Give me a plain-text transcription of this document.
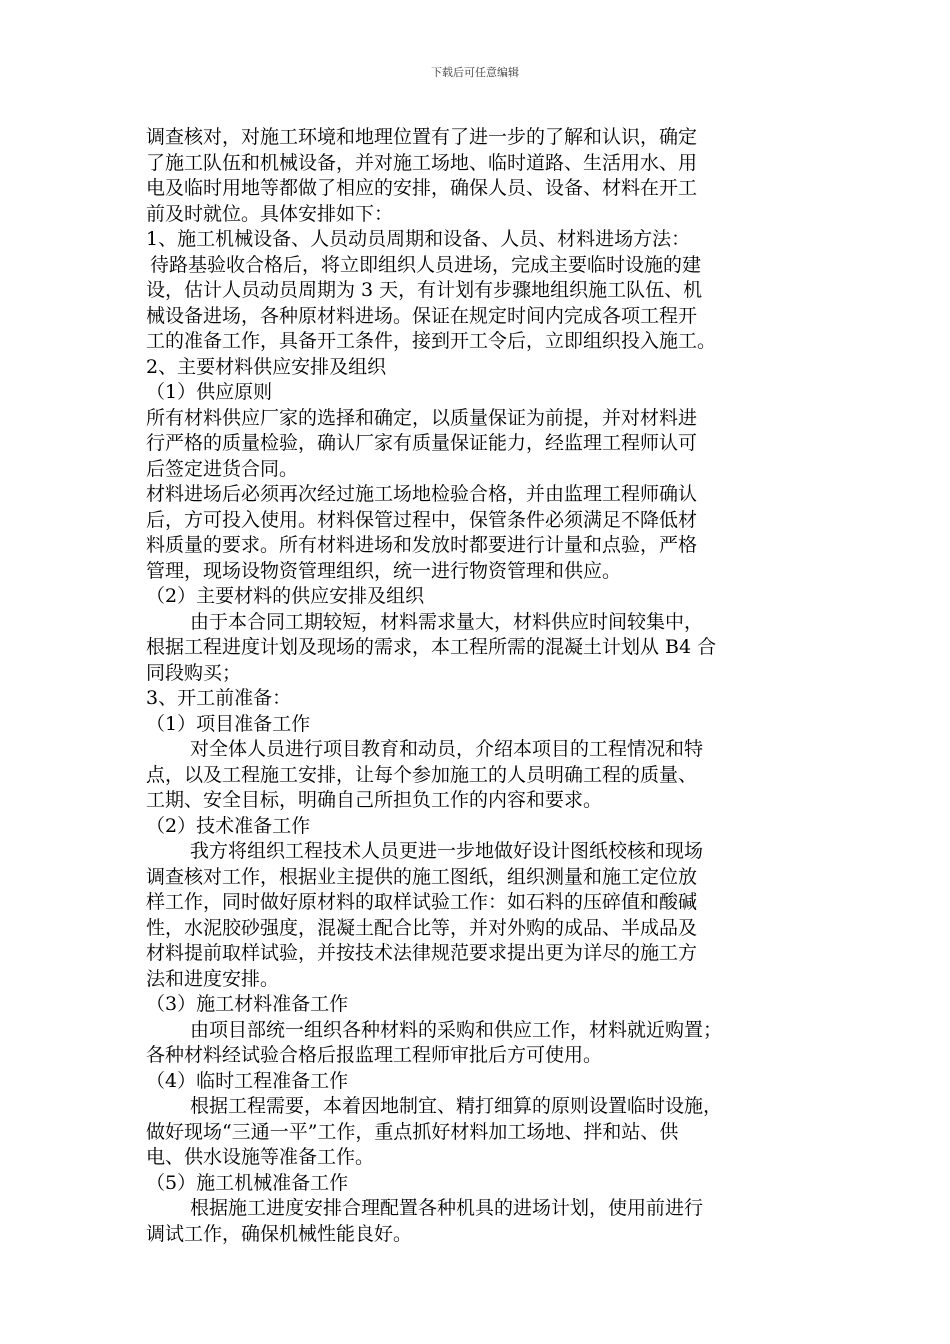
下载后可任意编辑
调查核对，对施工环境和地理位置有了进一步的了解和认识，确定
了施工队伍和机械设备，并对施工场地、临时道路、生活用水、用
电及临时用地等都做了相应的安排，确保人员、设备、材料在开工
前及时就位。具体安排如下：
1、施工机械设备、人员动员周期和设备、人员、材料进场方法：
待路基验收合格后，将立即组织人员进场，完成主要临时设施的建
设，估计人员动员周期为 3 天，有计划有步骤地组织施工队伍、机
械设备进场，各种原材料进场。保证在规定时间内完成各项工程开
工的准备工作，具备开工条件，接到开工令后，立即组织投入施工。
2、主要材料供应安排及组织
（1）供应原则
所有材料供应厂家的选择和确定，以质量保证为前提，并对材料进
行严格的质量检验，确认厂家有质量保证能力，经监理工程师认可
后签定进货合同。
材料进场后必须再次经过施工场地检验合格，并由监理工程师确认
后，方可投入使用。材料保管过程中，保管条件必须满足不降低材
料质量的要求。所有材料进场和发放时都要进行计量和点验，严格
管理，现场设物资管理组织，统一进行物资管理和供应。
（2）主要材料的供应安排及组织
由于本合同工期较短，材料需求量大，材料供应时间较集中，
根据工程进度计划及现场的需求，本工程所需的混凝土计划从 B4 合
同段购买；
3、开工前准备：
（1）项目准备工作
对全体人员进行项目教育和动员，介绍本项目的工程情况和特
点，以及工程施工安排，让每个参加施工的人员明确工程的质量、
工期、安全目标，明确自己所担负工作的内容和要求。
（2）技术准备工作
我方将组织工程技术人员更进一步地做好设计图纸校核和现场
调查核对工作，根据业主提供的施工图纸，组织测量和施工定位放
样工作，同时做好原材料的取样试验工作：如石料的压碎值和酸碱
性，水泥胶砂强度，混凝土配合比等，并对外购的成品、半成品及
材料提前取样试验，并按技术法律规范要求提出更为详尽的施工方
法和进度安排。
（3）施工材料准备工作
由项目部统一组织各种材料的采购和供应工作，材料就近购置；
各种材料经试验合格后报监理工程师审批后方可使用。
（4）临时工程准备工作
根据工程需要，本着因地制宜、精打细算的原则设置临时设施，
做好现场“三通一平”工作，重点抓好材料加工场地、拌和站、供
电、供水设施等准备工作。
（5）施工机械准备工作
根据施工进度安排合理配置各种机具的进场计划，使用前进行
调试工作，确保机械性能良好。
